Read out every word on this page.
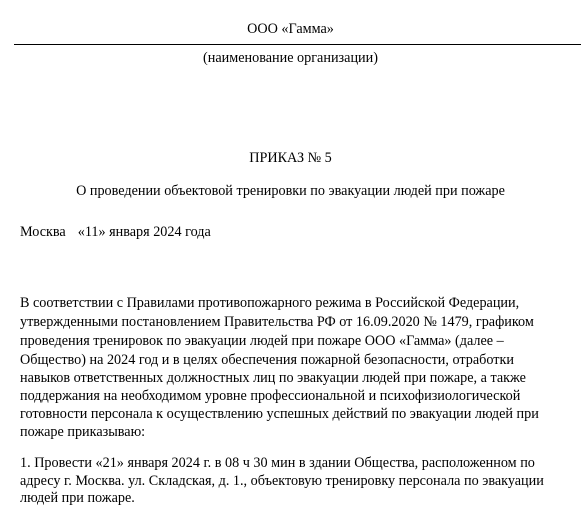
ООО «Гамма»
(наименование организации)
ПРИКАЗ № 5
О проведении объектовой тренировки по эвакуации людей при пожаре
Москва «11» января 2024 года
В соответствии с Правилами противопожарного режима в Российской Федерации,
утвержденными постановлением Правительства РФ от 16.09.2020 № 1479, графиком
проведения тренировок по эвакуации людей при пожаре ООО «Гамма» (далее –
Общество) на 2024 год и в целях обеспечения пожарной безопасности, отработки
навыков ответственных должностных лиц по эвакуации людей при пожаре, а также
поддержания на необходимом уровне профессиональной и психофизиологической
готовности персонала к осуществлению успешных действий по эвакуации людей при
пожаре приказываю:
1. Провести «21» января 2024 г. в 08 ч 30 мин в здании Общества, расположенном по
адресу г. Москва. ул. Складская, д. 1., объектовую тренировку персонала по эвакуации
людей при пожаре.
